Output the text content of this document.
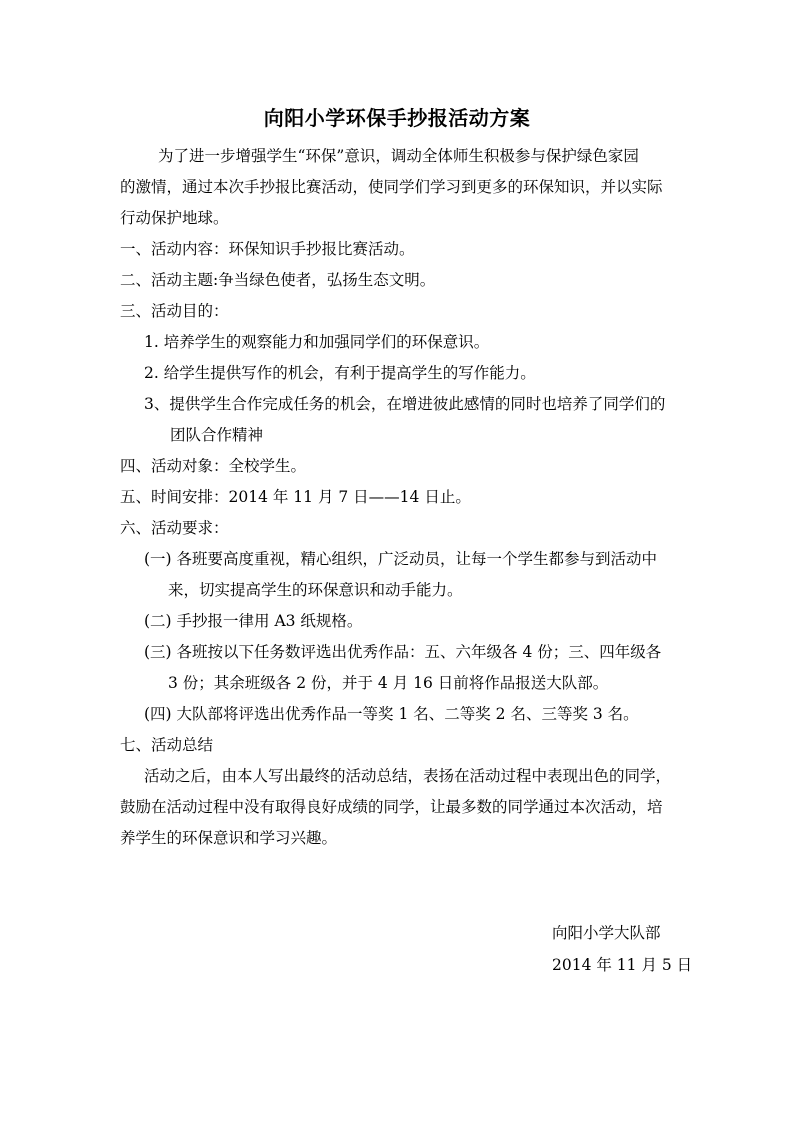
向阳小学环保手抄报活动方案
为了进一步增强学生“环保”意识，调动全体师生积极参与保护绿色家园
的激情，通过本次手抄报比赛活动，使同学们学习到更多的环保知识，并以实际
行动保护地球。
一、活动内容：环保知识手抄报比赛活动。
二、活动主题:争当绿色使者，弘扬生态文明。
三、活动目的：
1. 培养学生的观察能力和加强同学们的环保意识。
2. 给学生提供写作的机会，有利于提高学生的写作能力。
3、提供学生合作完成任务的机会，在增进彼此感情的同时也培养了同学们的
团队合作精神
四、活动对象：全校学生。
五、时间安排：2014 年 11 月 7 日——14 日止。
六、活动要求：
(一) 各班要高度重视，精心组织，广泛动员，让每一个学生都参与到活动中
来，切实提高学生的环保意识和动手能力。
(二) 手抄报一律用 A3 纸规格。
(三) 各班按以下任务数评选出优秀作品：五、六年级各 4 份；三、四年级各
3 份；其余班级各 2 份，并于 4 月 16 日前将作品报送大队部。
(四) 大队部将评选出优秀作品一等奖 1 名、二等奖 2 名、三等奖 3 名。
七、活动总结
活动之后，由本人写出最终的活动总结，表扬在活动过程中表现出色的同学，
鼓励在活动过程中没有取得良好成绩的同学，让最多数的同学通过本次活动，培
养学生的环保意识和学习兴趣。
向阳小学大队部
2014 年 11 月 5 日
